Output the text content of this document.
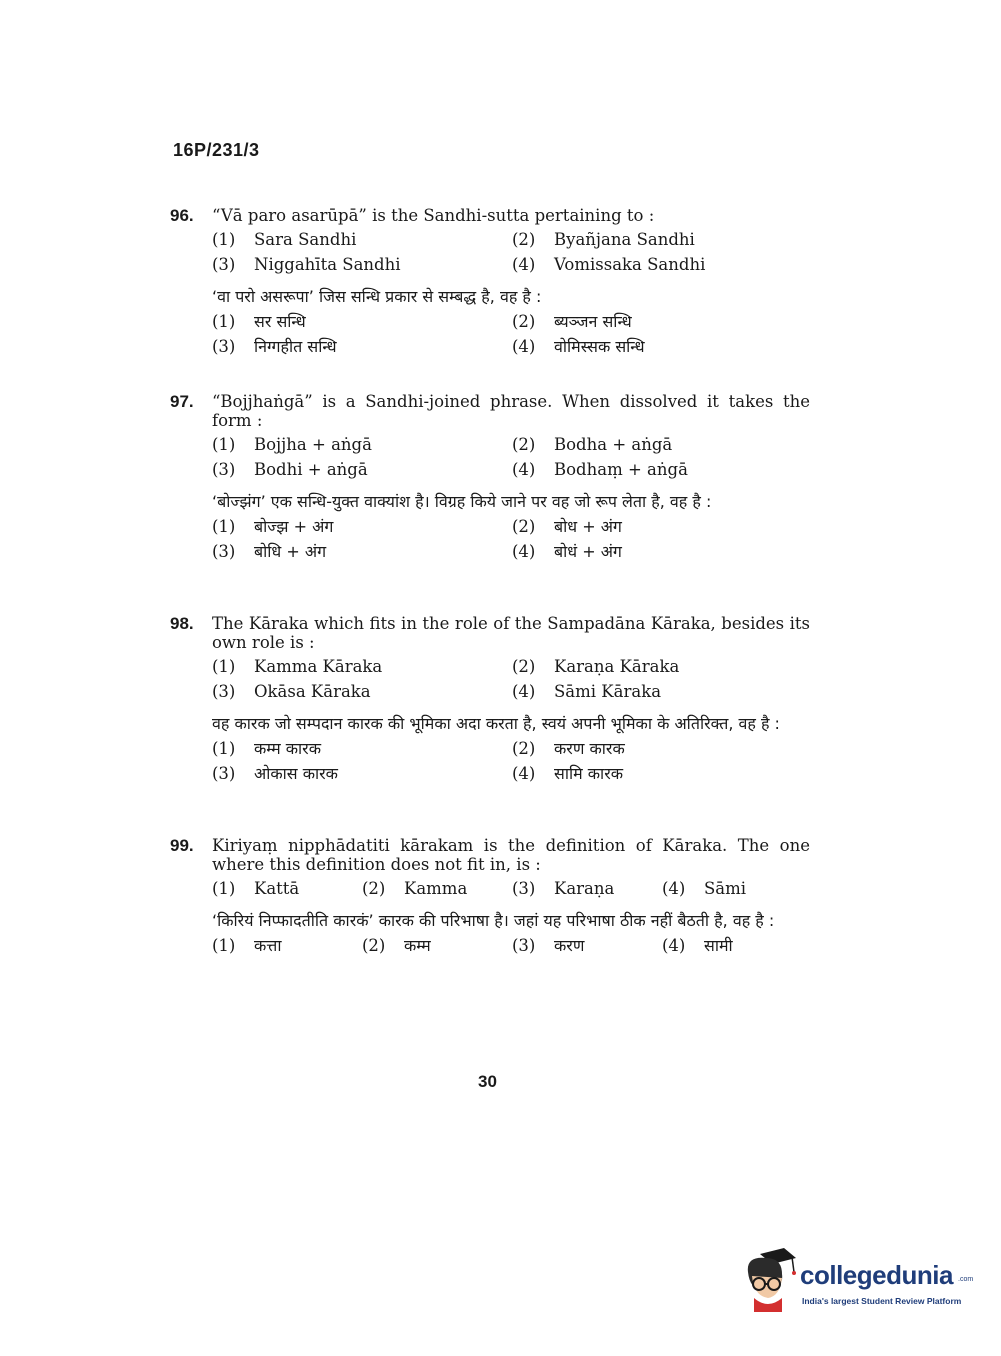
16P/231/3
96. “Vā paro asarūpā” is the Sandhi-sutta pertaining to :
(1) Sara Sandhi	(2) Byañjana Sandhi
(3) Niggahīta Sandhi	(4) Vomissaka Sandhi
‘वा परो असरूपा’ जिस सन्धि प्रकार से सम्बद्ध है, वह है :
(1) सर सन्धि	(2) ब्यञ्जन सन्धि
(3) निग्गहीत सन्धि	(4) वोमिस्सक सन्धि
97. “Bojjhaṅgā” is a Sandhi-joined phrase. When dissolved it takes the form :
(1) Bojjha + aṅgā	(2) Bodha + aṅgā
(3) Bodhi + aṅgā	(4) Bodhaṃ + aṅgā
‘बोज्झंग’ एक सन्धि-युक्त वाक्यांश है। विग्रह किये जाने पर वह जो रूप लेता है, वह है :
(1) बोज्झ + अंग	(2) बोध + अंग
(3) बोधि + अंग	(4) बोधं + अंग
98. The Kāraka which fits in the role of the Sampadāna Kāraka, besides its own role is :
(1) Kamma Kāraka	(2) Karaṇa Kāraka
(3) Okāsa Kāraka	(4) Sāmi Kāraka
वह कारक जो सम्पदान कारक की भूमिका अदा करता है, स्वयं अपनी भूमिका के अतिरिक्त, वह है :
(1) कम्म कारक	(2) करण कारक
(3) ओकास कारक	(4) सामि कारक
99. Kiriyaṃ nipphādatiti kārakam is the definition of Kāraka. The one where this definition does not fit in, is :
(1) Kattā	(2) Kamma	(3) Karaṇa	(4) Sāmi
‘किरियं निप्फादतीति कारकं’ कारक की परिभाषा है। जहां यह परिभाषा ठीक नहीं बैठती है, वह है :
(1) कत्ता	(2) कम्म	(3) करण	(4) सामी
30
collegedunia .com
India's largest Student Review Platform
